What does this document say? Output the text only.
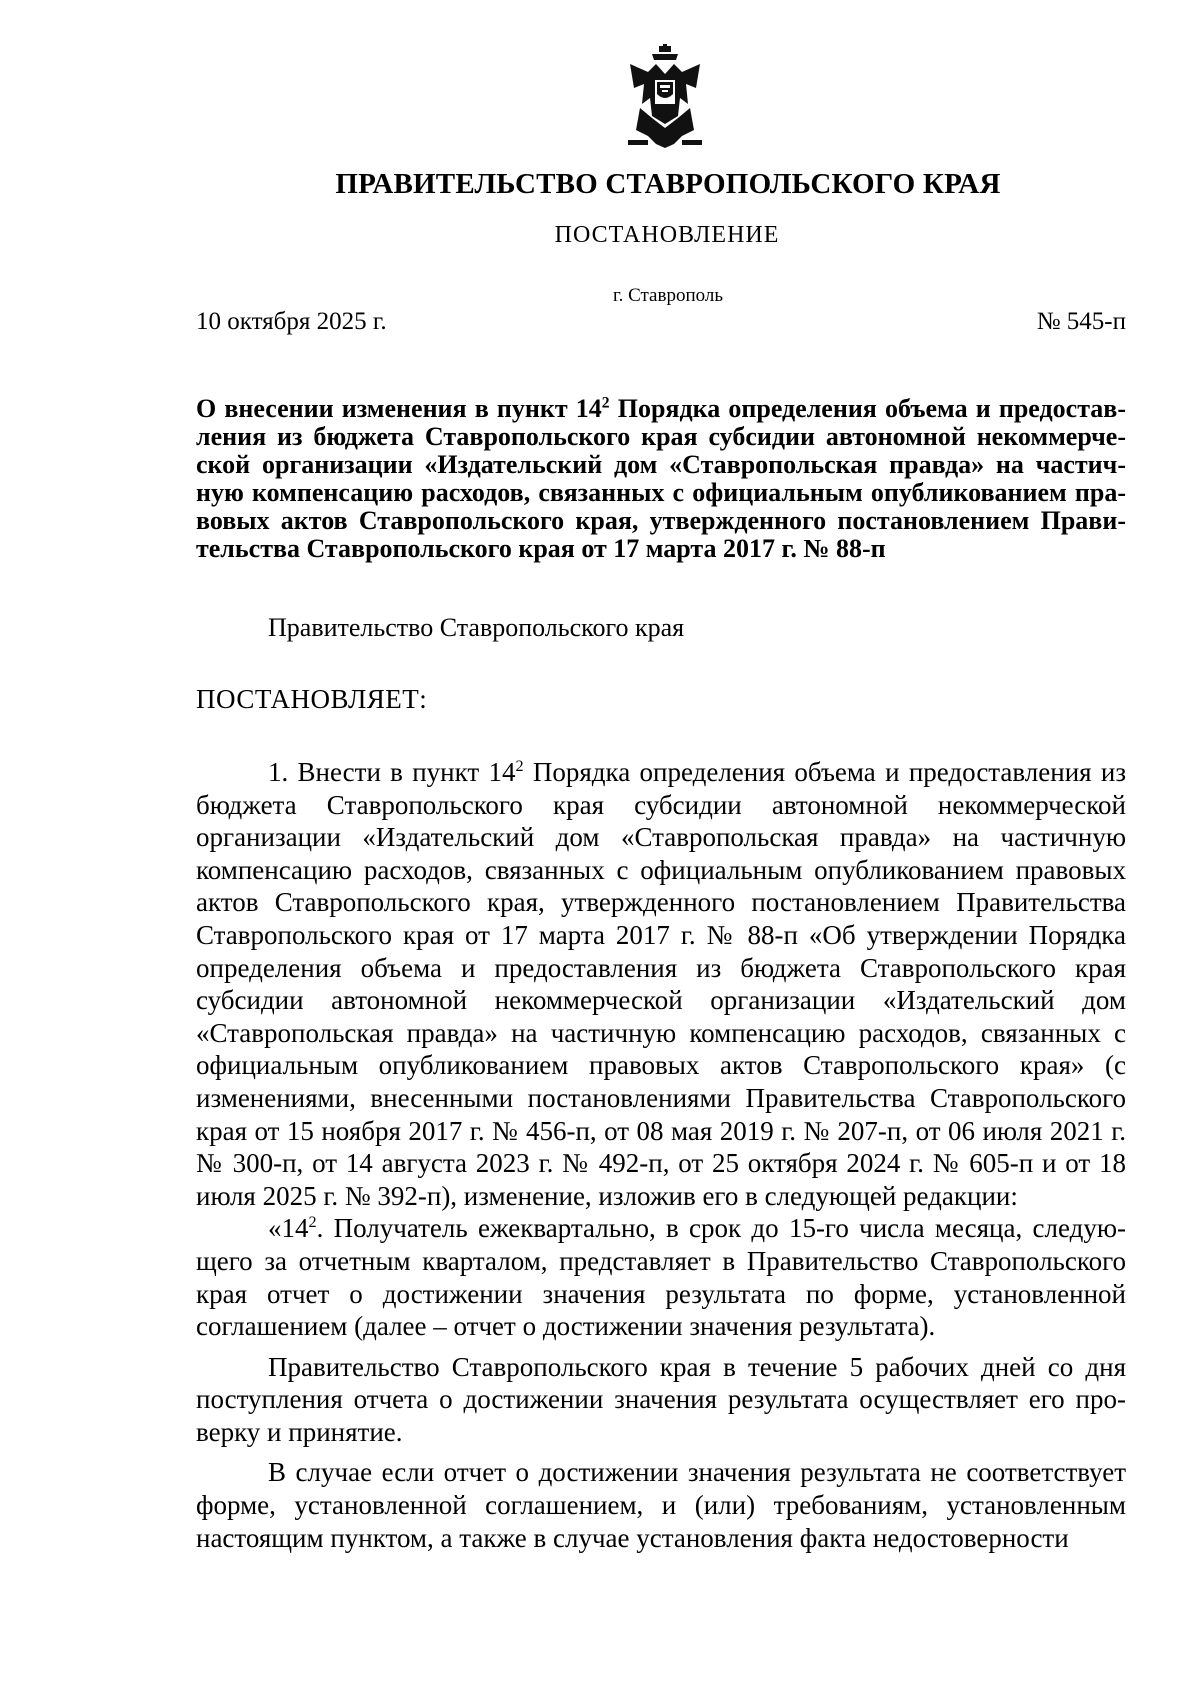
ПРАВИТЕЛЬСТВО СТАВРОПОЛЬСКОГО КРАЯ
ПОСТАНОВЛЕНИЕ
г. Ставрополь
10 октября 2025 г.	№ 545-п
О внесении изменения в пункт $14^2$ Порядка определения объема и предоставления из бюджета Ставропольского края субсидии автономной некоммерческой организации «Издательский дом «Ставропольская правда» на частичную компенсацию расходов, связанных с официальным опубликованием правовых актов Ставропольского края, утвержденного постановлением Правительства Ставропольского края от 17 марта 2017 г. № 88-п
Правительство Ставропольского края
ПОСТАНОВЛЯЕТ:

1. Внести в пункт $14^2$ Порядка определения объема и предоставления из бюджета Ставропольского края субсидии автономной некоммерческой организации «Издательский дом «Ставропольская правда» на частичную компенсацию расходов, связанных с официальным опубликованием правовых актов Ставропольского края, утвержденного постановлением Правительства Ставропольского края от 17 марта 2017 г. № 88-п «Об утверждении Порядка определения объема и предоставления из бюджета Ставропольского края субсидии автономной некоммерческой организации «Издательский дом «Ставропольская правда» на частичную компенсацию расходов, связанных с официальным опубликованием правовых актов Ставропольского края» (с изменениями, внесенными постановлениями Правительства Ставропольского края от 15 ноября 2017 г. № 456-п, от 08 мая 2019 г. № 207-п, от 06 июля 2021 г. № 300-п, от 14 августа 2023 г. № 492-п, от 25 октября 2024 г. № 605-п и от 18 июля 2025 г. № 392-п), изменение, изложив его в следующей редакции:

«$14^2$. Получатель ежеквартально, в срок до 15-го числа месяца, следующего за отчетным кварталом, представляет в Правительство Ставропольского края отчет о достижении значения результата по форме, установленной соглашением (далее – отчет о достижении значения результата).

Правительство Ставропольского края в течение 5 рабочих дней со дня поступления отчета о достижении значения результата осуществляет его проверку и принятие.

В случае если отчет о достижении значения результата не соответствует форме, установленной соглашением, и (или) требованиям, установленным настоящим пунктом, а также в случае установления факта недостоверности
